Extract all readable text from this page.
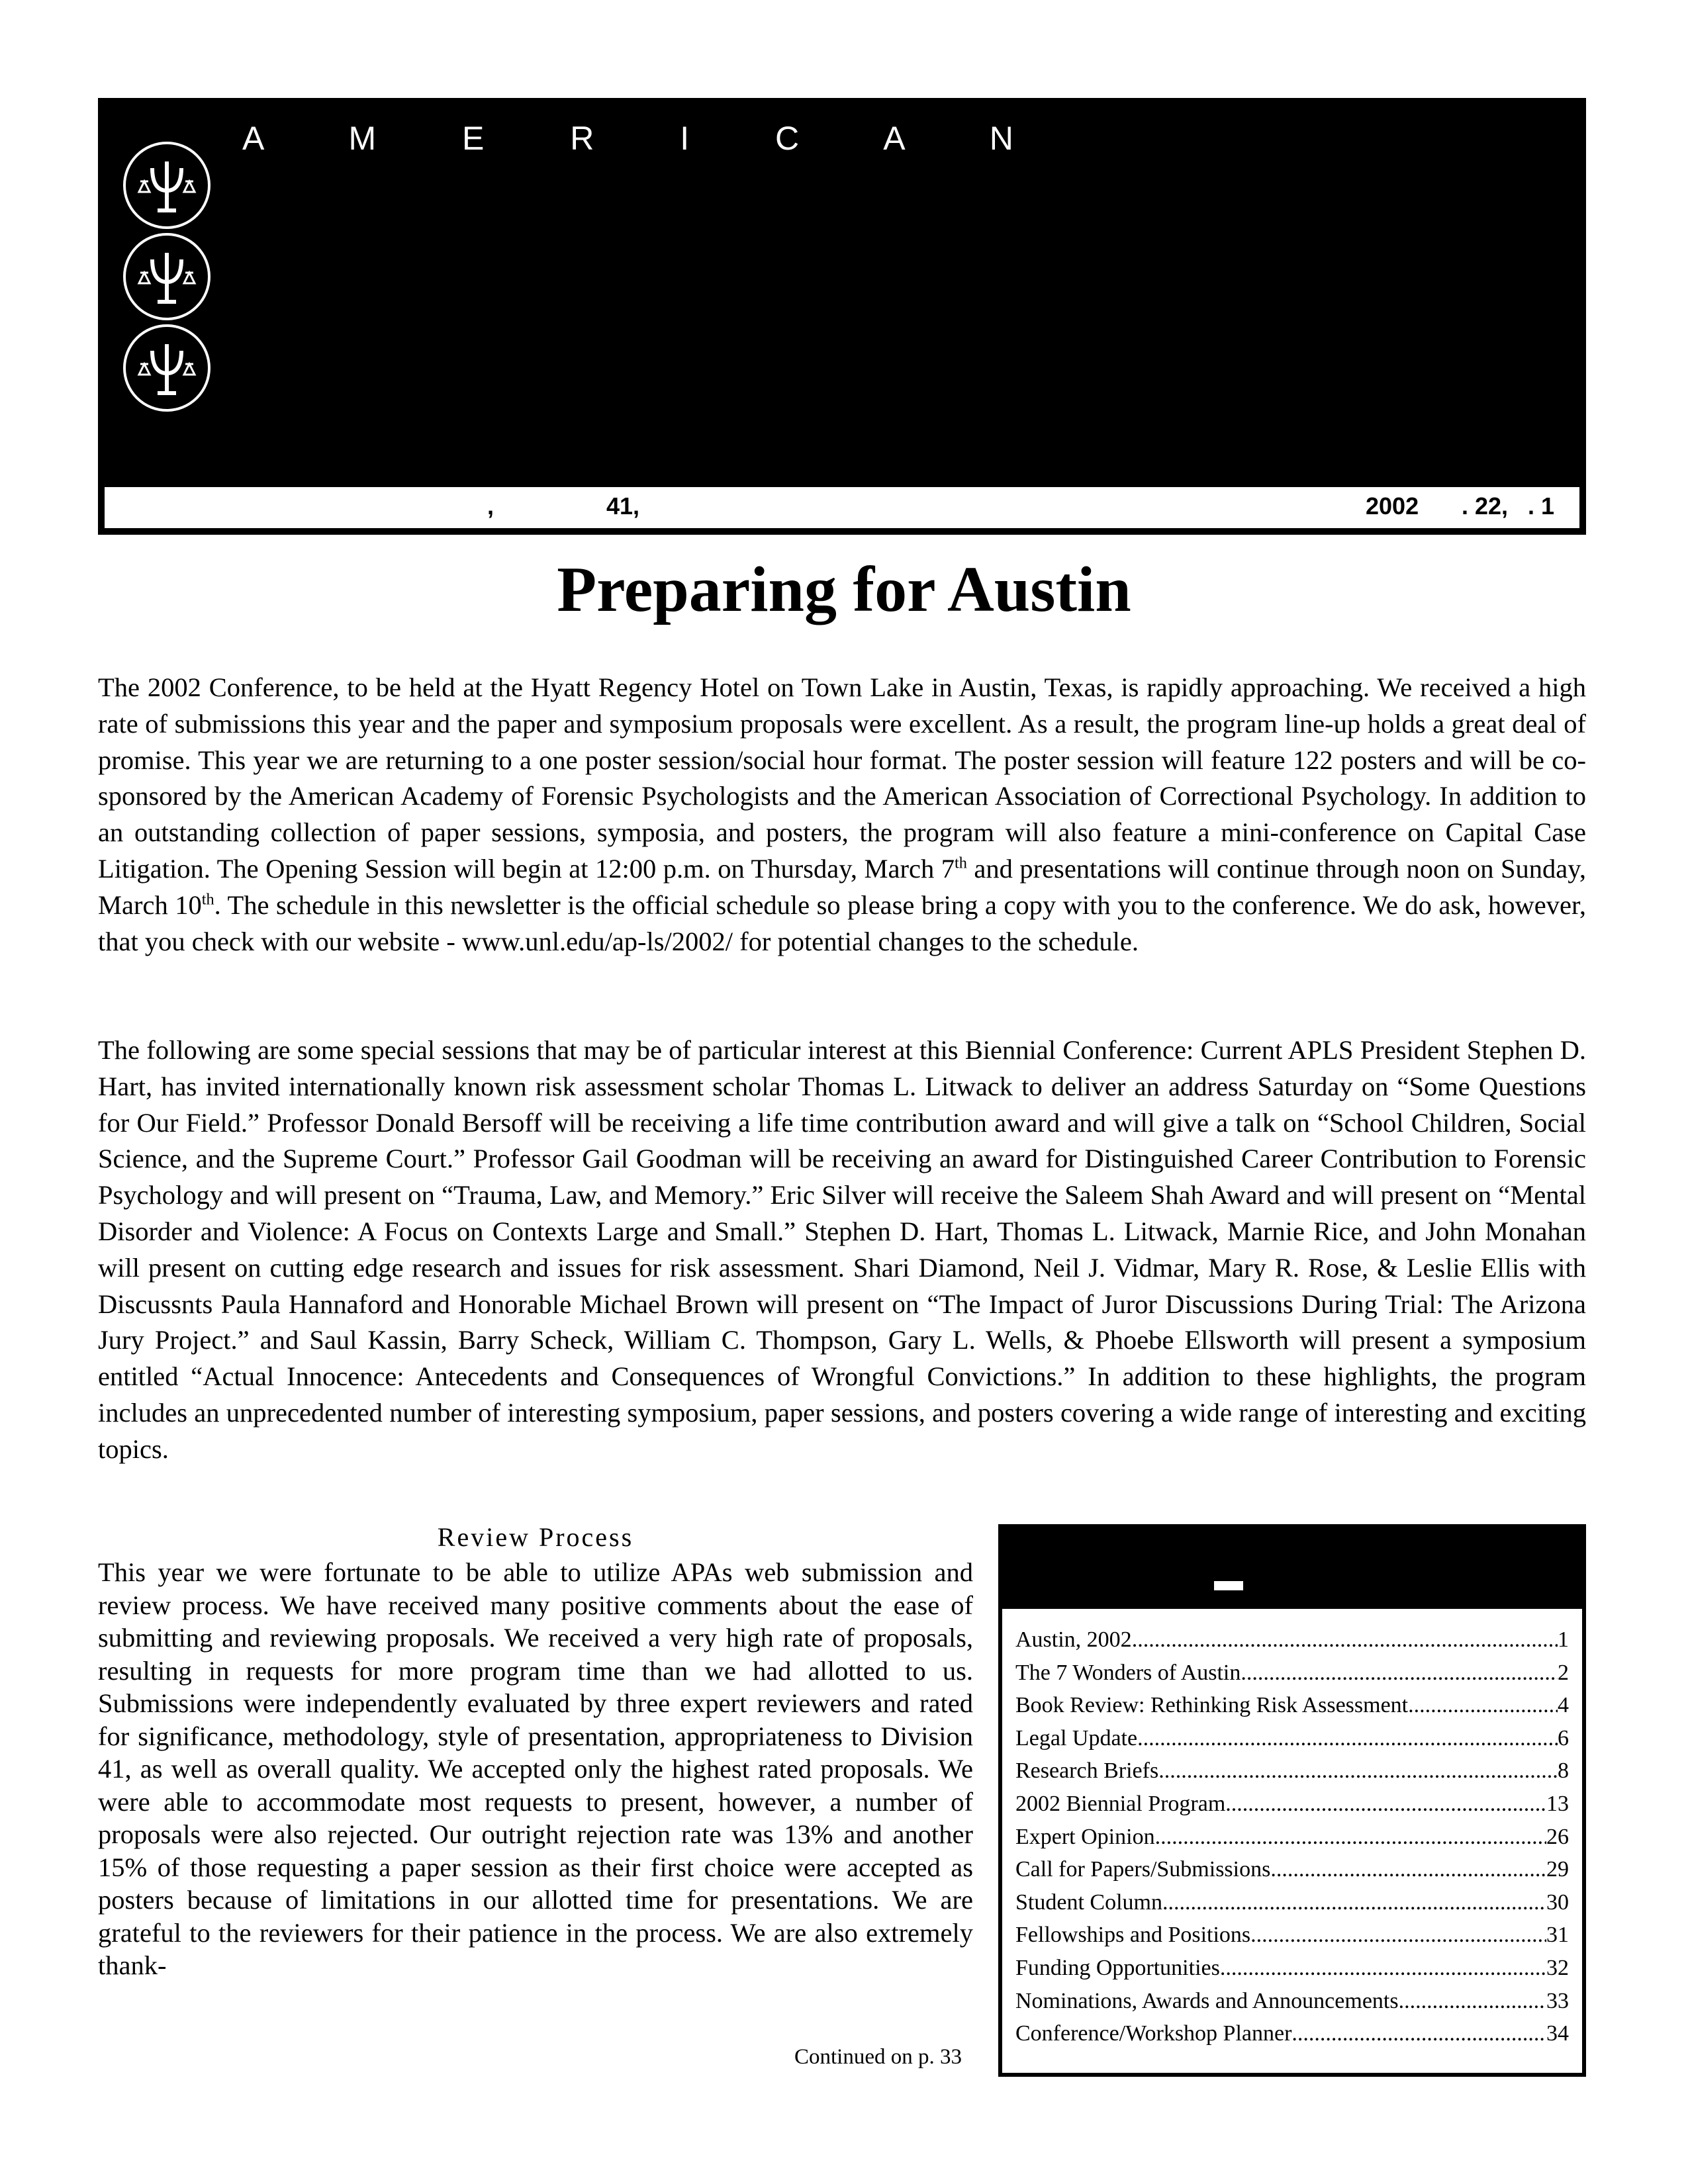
A M E R I C A N
,	41,	2002 . 22, . 1
Preparing for Austin

The 2002 Conference, to be held at the Hyatt Regency Hotel on Town Lake in Austin, Texas, is rapidly approaching. We received a high rate of submissions this year and the paper and symposium proposals were excellent. As a result, the program line-up holds a great deal of promise. This year we are returning to a one poster session/social hour format. The poster session will feature 122 posters and will be co-sponsored by the American Academy of Forensic Psychologists and the American Association of Correctional Psychology. In addition to an outstanding collection of paper sessions, symposia, and posters, the program will also feature a mini-conference on Capital Case Litigation. The Opening Session will begin at 12:00 p.m. on Thursday, March 7th and presentations will continue through noon on Sunday, March 10th. The schedule in this newsletter is the official schedule so please bring a copy with you to the conference. We do ask, however, that you check with our website - www.unl.edu/ap-ls/2002/ for potential changes to the schedule.

The following are some special sessions that may be of particular interest at this Biennial Conference: Current APLS President Stephen D. Hart, has invited internationally known risk assessment scholar Thomas L. Litwack to deliver an address Saturday on “Some Questions for Our Field.” Professor Donald Bersoff will be receiving a life time contribution award and will give a talk on “School Children, Social Science, and the Supreme Court.” Professor Gail Goodman will be receiving an award for Distinguished Career Contribution to Forensic Psychology and will present on “Trauma, Law, and Memory.” Eric Silver will receive the Saleem Shah Award and will present on “Mental Disorder and Violence: A Focus on Contexts Large and Small.” Stephen D. Hart, Thomas L. Litwack, Marnie Rice, and John Monahan will present on cutting edge research and issues for risk assessment. Shari Diamond, Neil J. Vidmar, Mary R. Rose, & Leslie Ellis with Discussnts Paula Hannaford and Honorable Michael Brown will present on “The Impact of Juror Discussions During Trial: The Arizona Jury Project.” and Saul Kassin, Barry Scheck, William C. Thompson, Gary L. Wells, & Phoebe Ellsworth will present a symposium entitled “Actual Innocence: Antecedents and Consequences of Wrongful Convictions.” In addition to these highlights, the program includes an unprecedented number of interesting symposium, paper sessions, and posters covering a wide range of interesting and exciting topics.

Review Process

This year we were fortunate to be able to utilize APAs web submission and review process. We have received many positive comments about the ease of submitting and reviewing proposals. We received a very high rate of proposals, resulting in requests for more program time than we had allotted to us. Submissions were independently evaluated by three expert reviewers and rated for significance, methodology, style of presentation, appropriateness to Division 41, as well as overall quality. We accepted only the highest rated proposals. We were able to accommodate most requests to present, however, a number of proposals were also rejected. Our outright rejection rate was 13% and another 15% of those requesting a paper session as their first choice were accepted as posters because of limitations in our allotted time for presentations. We are grateful to the reviewers for their patience in the process. We are also extremely thank-

Continued on p. 33
Austin, 2002 .....	1
The 7 Wonders of Austin .....	2
Book Review: Rethinking Risk Assessment .....	4
Legal Update .....	6
Research Briefs .....	8
2002 Biennial Program .....	13
Expert Opinion .....	26
Call for Papers/Submissions .....	29
Student Column .....	30
Fellowships and Positions .....	31
Funding Opportunities .....	32
Nominations, Awards and Announcements .....	33
Conference/Workshop Planner .....	34
